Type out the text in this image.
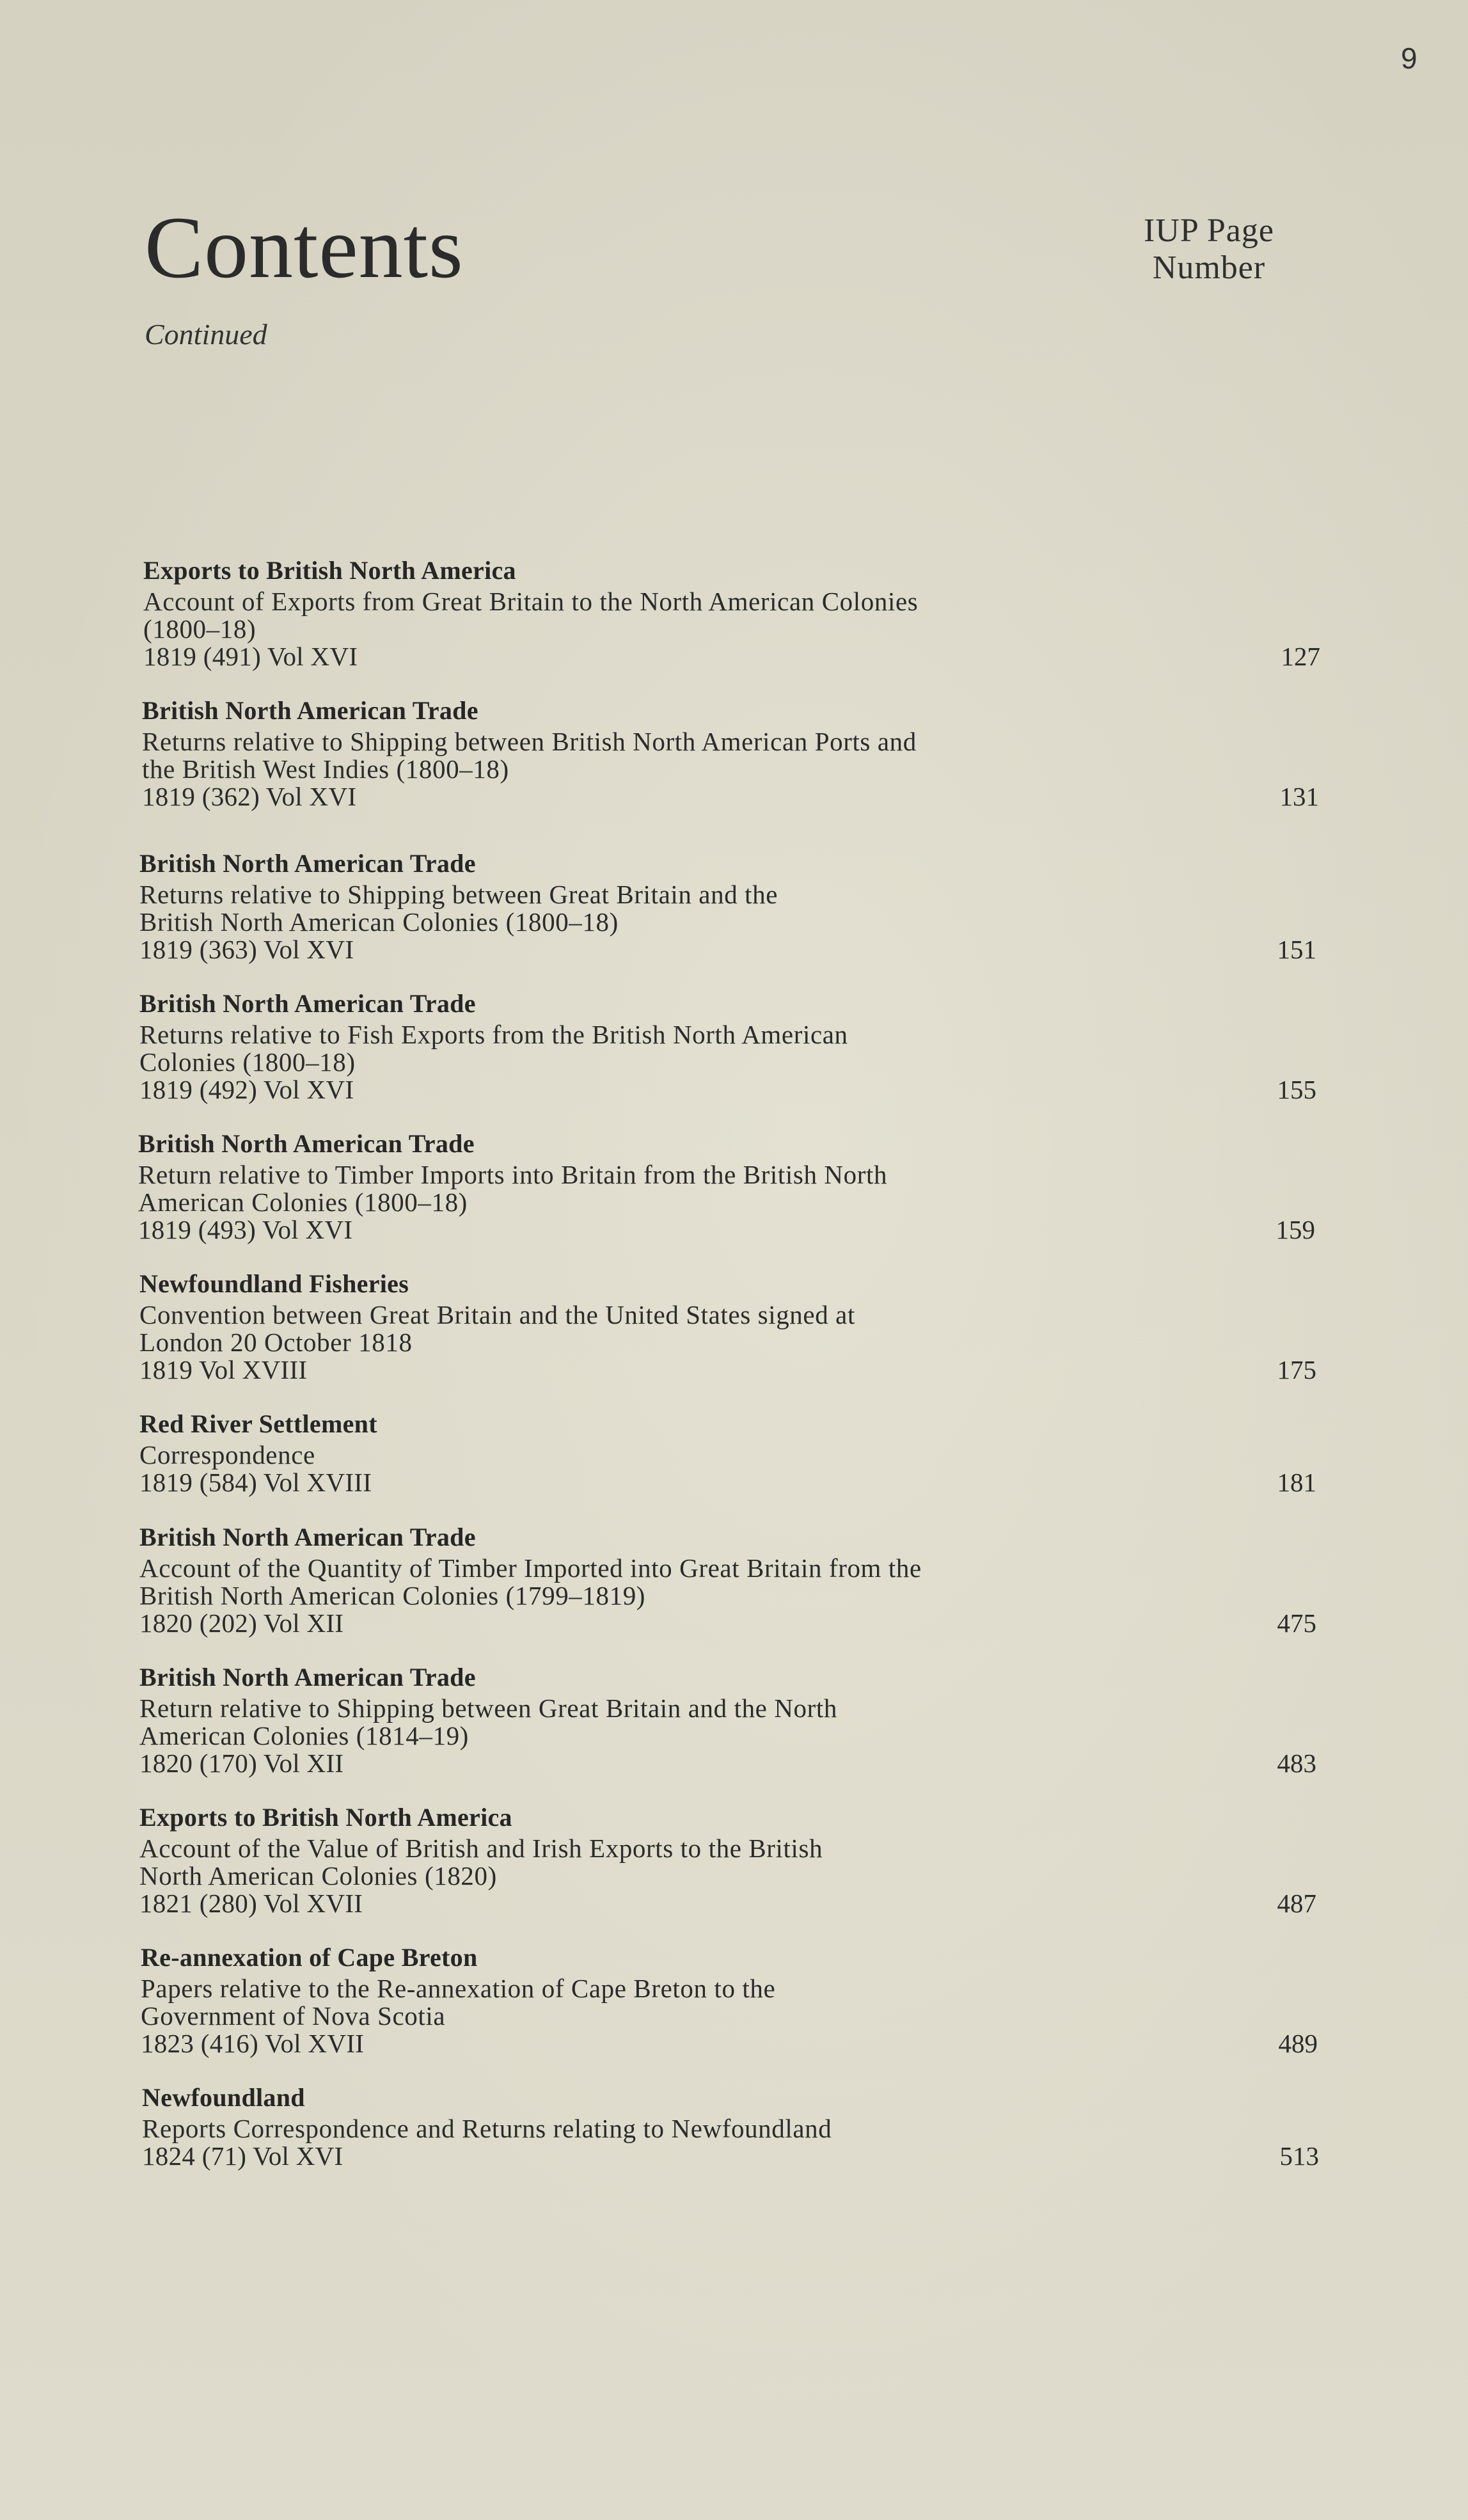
9
Contents
Continued
IUP Page
Number
Exports to British North America
Account of Exports from Great Britain to the North American Colonies (1800–18)
1819 (491) Vol XVI	127
British North American Trade
Returns relative to Shipping between British North American Ports and the British West Indies (1800–18)
1819 (362) Vol XVI	131
British North American Trade
Returns relative to Shipping between Great Britain and the British North American Colonies (1800–18)
1819 (363) Vol XVI	151
British North American Trade
Returns relative to Fish Exports from the British North American Colonies (1800–18)
1819 (492) Vol XVI	155
British North American Trade
Return relative to Timber Imports into Britain from the British North American Colonies (1800–18)
1819 (493) Vol XVI	159
Newfoundland Fisheries
Convention between Great Britain and the United States signed at London 20 October 1818
1819 Vol XVIII	175
Red River Settlement
Correspondence
1819 (584) Vol XVIII	181
British North American Trade
Account of the Quantity of Timber Imported into Great Britain from the British North American Colonies (1799–1819)
1820 (202) Vol XII	475
British North American Trade
Return relative to Shipping between Great Britain and the North American Colonies (1814–19)
1820 (170) Vol XII	483
Exports to British North America
Account of the Value of British and Irish Exports to the British North American Colonies (1820)
1821 (280) Vol XVII	487
Re-annexation of Cape Breton
Papers relative to the Re-annexation of Cape Breton to the Government of Nova Scotia
1823 (416) Vol XVII	489
Newfoundland
Reports Correspondence and Returns relating to Newfoundland
1824 (71) Vol XVI	513
